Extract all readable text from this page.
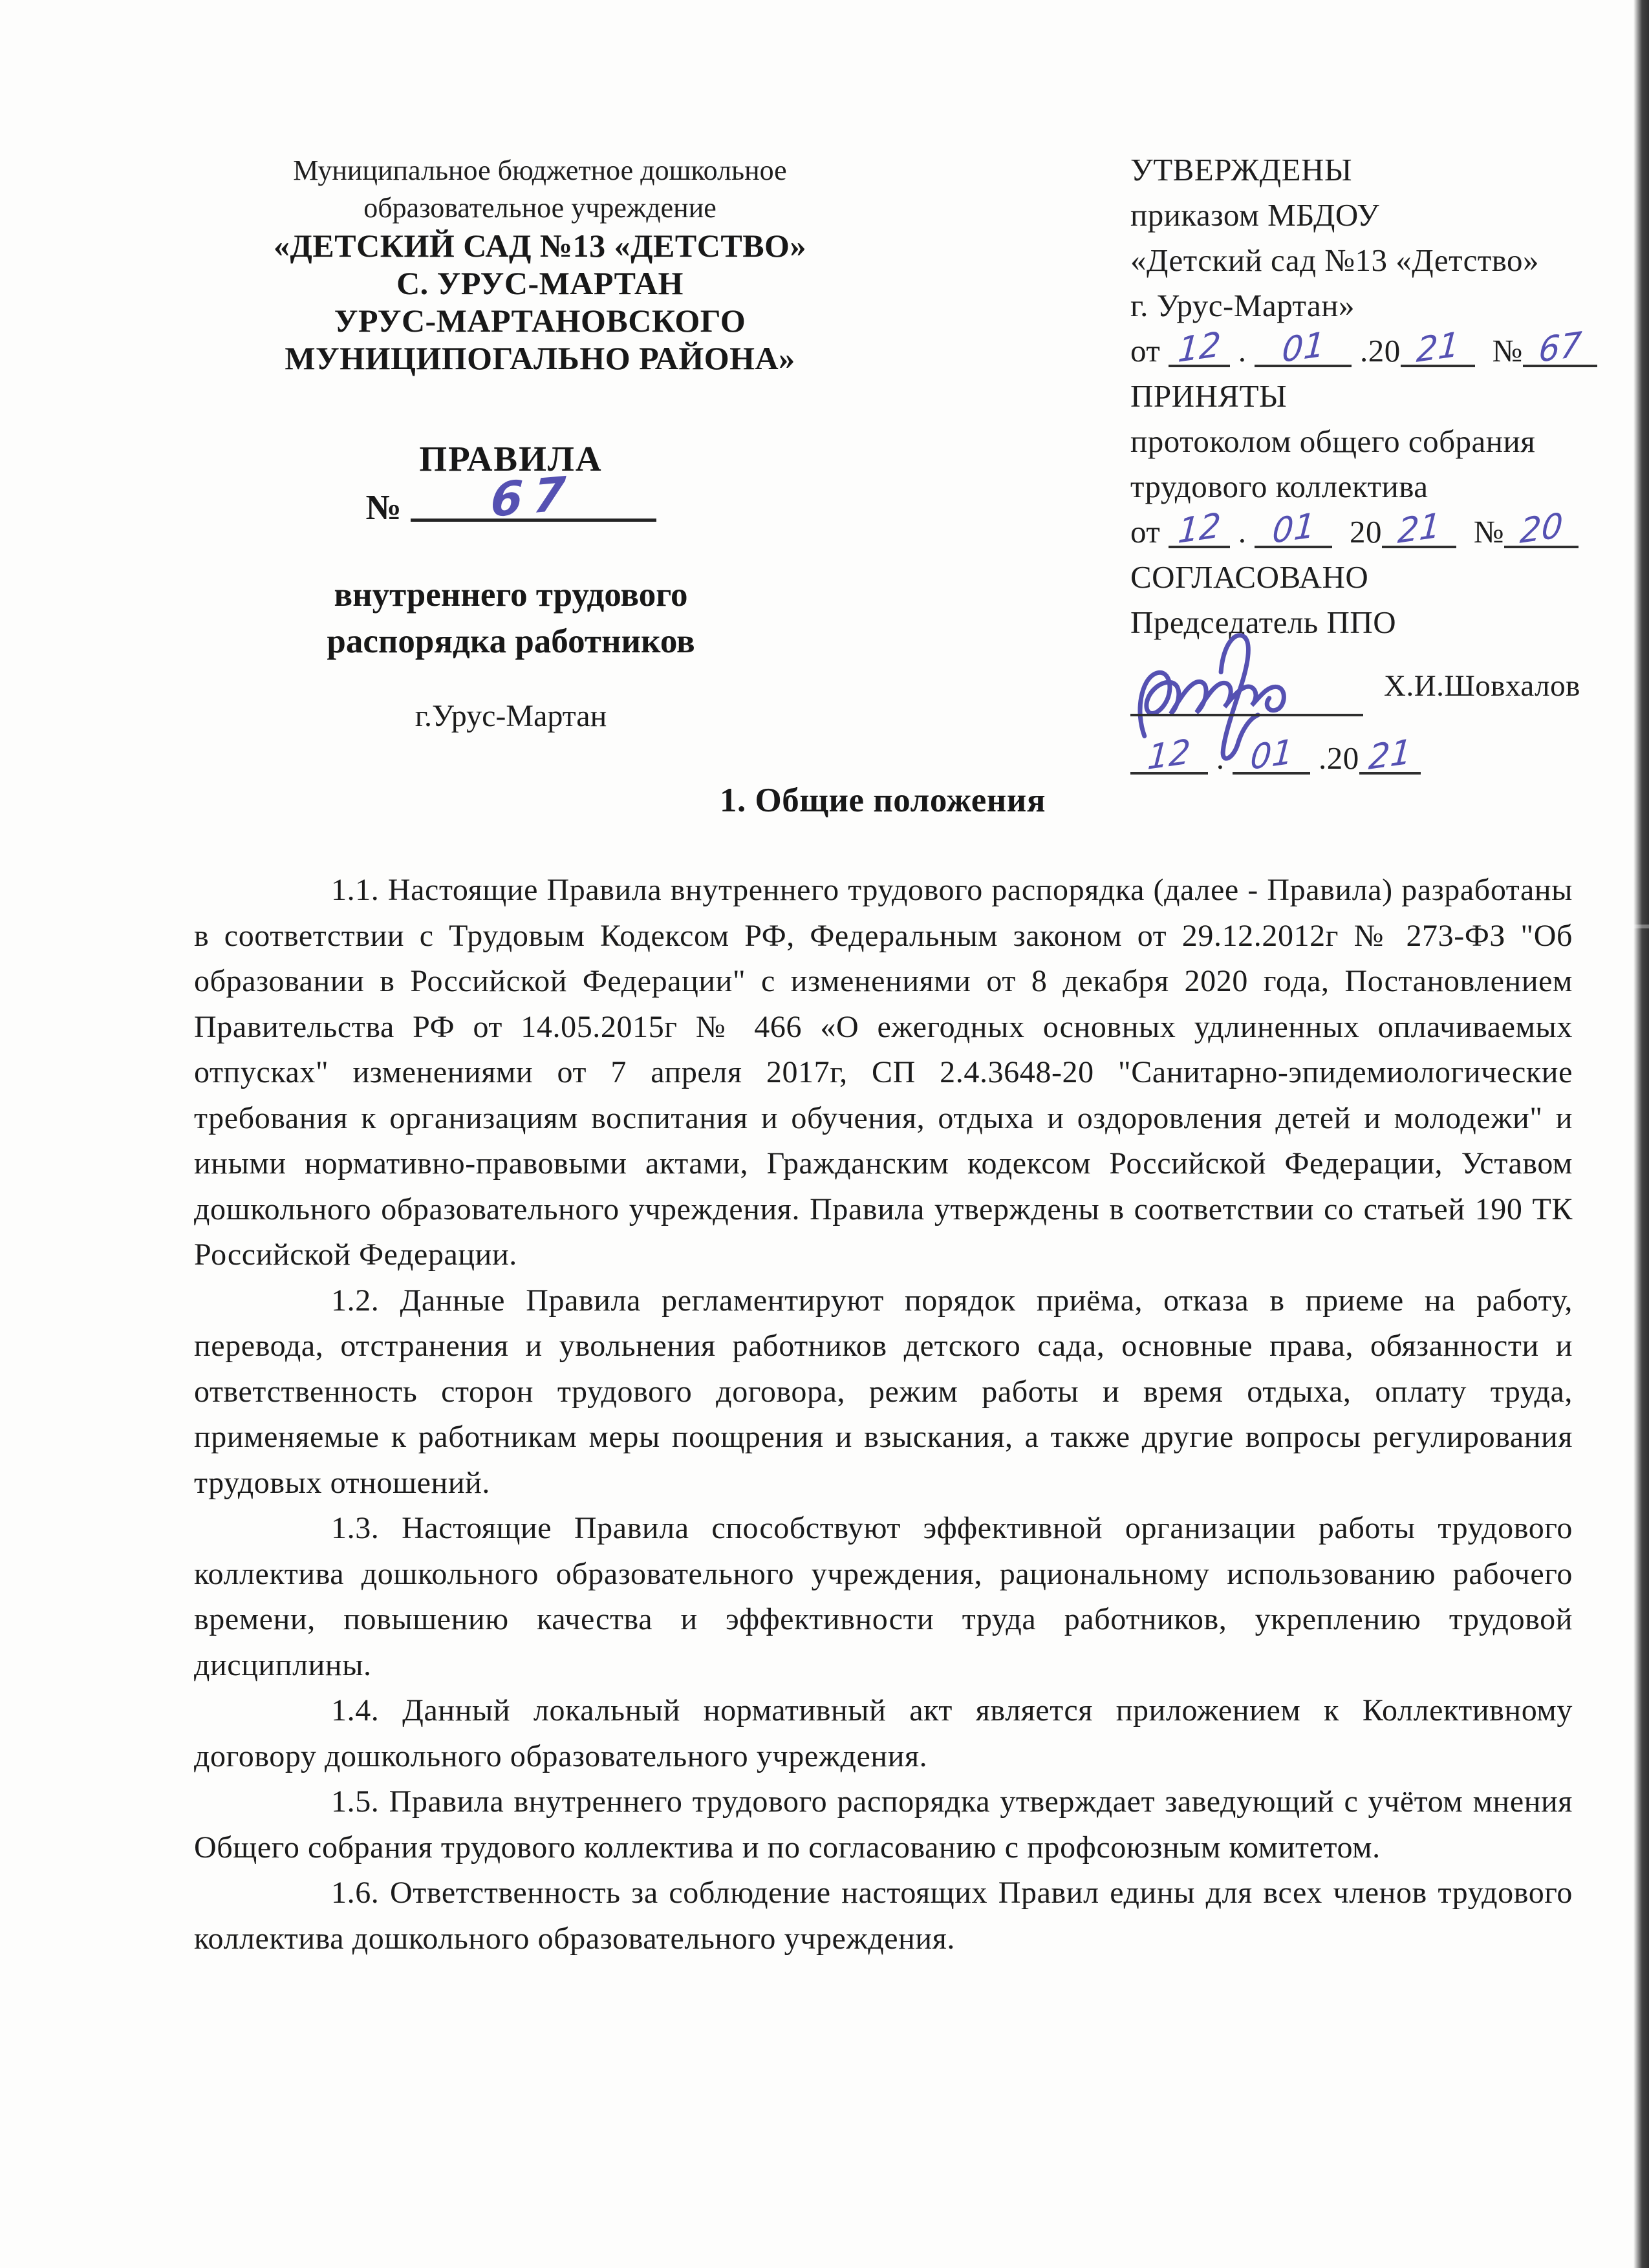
Муниципальное бюджетное дошкольное
образовательное учреждение
«ДЕТСКИЙ САД №13 «ДЕТСТВО»
С. УРУС-МАРТАН
УРУС-МАРТАНОВСКОГО
МУНИЦИПОГАЛЬНО РАЙОНА»
УТВЕРЖДЕНЫ
приказом МБДОУ
«Детский сад №13 «Детство»
г. Урус-Мартан»
от 12 . 01 .20 21 № 67
ПРИНЯТЫ
протоколом общего собрания
трудового коллектива
от 12 . 01 20 21 № 20
СОГЛАСОВАНО
Председатель ППО
Х.И.Шовхалов
12 . 01 .20 21
ПРАВИЛА
№ 67
внутреннего трудового
распорядка работников
г.Урус-Мартан
1. Общие положения

1.1. Настоящие Правила внутреннего трудового распорядка (далее - Правила) разработаны в соответствии с Трудовым Кодексом РФ, Федеральным законом от 29.12.2012г № 273-ФЗ "Об образовании в Российской Федерации" с изменениями от 8 декабря 2020 года, Постановлением Правительства РФ от 14.05.2015г № 466 «О ежегодных основных удлиненных оплачиваемых отпусках" изменениями от 7 апреля 2017г, СП 2.4.3648-20 "Санитарно-эпидемиологические требования к организациям воспитания и обучения, отдыха и оздоровления детей и молодежи" и иными нормативно-правовыми актами, Гражданским кодексом Российской Федерации, Уставом дошкольного образовательного учреждения. Правила утверждены в соответствии со статьей 190 ТК Российской Федерации.

1.2. Данные Правила регламентируют порядок приёма, отказа в приеме на работу, перевода, отстранения и увольнения работников детского сада, основные права, обязанности и ответственность сторон трудового договора, режим работы и время отдыха, оплату труда, применяемые к работникам меры поощрения и взыскания, а также другие вопросы регулирования трудовых отношений.

1.3. Настоящие Правила способствуют эффективной организации работы трудового коллектива дошкольного образовательного учреждения, рациональному использованию рабочего времени, повышению качества и эффективности труда работников, укреплению трудовой дисциплины.

1.4. Данный локальный нормативный акт является приложением к Коллективному договору дошкольного образовательного учреждения.

1.5. Правила внутреннего трудового распорядка утверждает заведующий с учётом мнения Общего собрания трудового коллектива и по согласованию с профсоюзным комитетом.

1.6. Ответственность за соблюдение настоящих Правил едины для всех членов трудового коллектива дошкольного образовательного учреждения.
